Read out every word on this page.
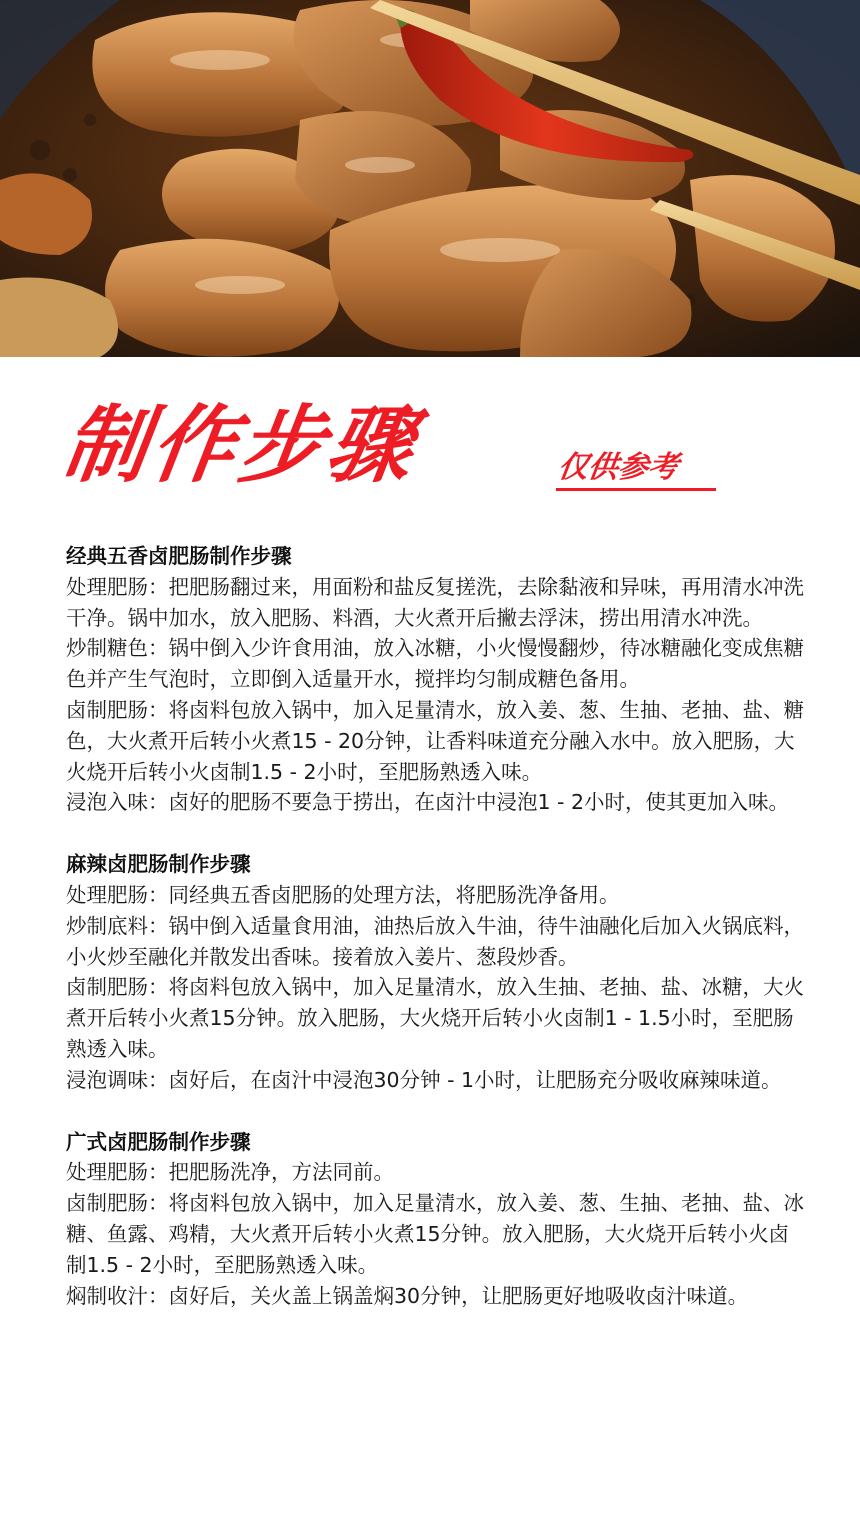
制作步骤	仅供参考

经典五香卤肥肠制作步骤

处理肥肠：把肥肠翻过来，用面粉和盐反复搓洗，去除黏液和异味，再用清水冲洗干净。锅中加水，放入肥肠、料酒，大火煮开后撇去浮沫，捞出用清水冲洗。

炒制糖色：锅中倒入少许食用油，放入冰糖，小火慢慢翻炒，待冰糖融化变成焦糖色并产生气泡时，立即倒入适量开水，搅拌均匀制成糖色备用。

卤制肥肠：将卤料包放入锅中，加入足量清水，放入姜、葱、生抽、老抽、盐、糖色，大火煮开后转小火煮15 - 20分钟，让香料味道充分融入水中。放入肥肠，大火烧开后转小火卤制1.5 - 2小时，至肥肠熟透入味。

浸泡入味：卤好的肥肠不要急于捞出，在卤汁中浸泡1 - 2小时，使其更加入味。

麻辣卤肥肠制作步骤

处理肥肠：同经典五香卤肥肠的处理方法，将肥肠洗净备用。

炒制底料：锅中倒入适量食用油，油热后放入牛油，待牛油融化后加入火锅底料，小火炒至融化并散发出香味。接着放入姜片、葱段炒香。

卤制肥肠：将卤料包放入锅中，加入足量清水，放入生抽、老抽、盐、冰糖，大火煮开后转小火煮15分钟。放入肥肠，大火烧开后转小火卤制1 - 1.5小时，至肥肠熟透入味。

浸泡调味：卤好后，在卤汁中浸泡30分钟 - 1小时，让肥肠充分吸收麻辣味道。

广式卤肥肠制作步骤

处理肥肠：把肥肠洗净，方法同前。

卤制肥肠：将卤料包放入锅中，加入足量清水，放入姜、葱、生抽、老抽、盐、冰糖、鱼露、鸡精，大火煮开后转小火煮15分钟。放入肥肠，大火烧开后转小火卤制1.5 - 2小时，至肥肠熟透入味。

焖制收汁：卤好后，关火盖上锅盖焖30分钟，让肥肠更好地吸收卤汁味道。
